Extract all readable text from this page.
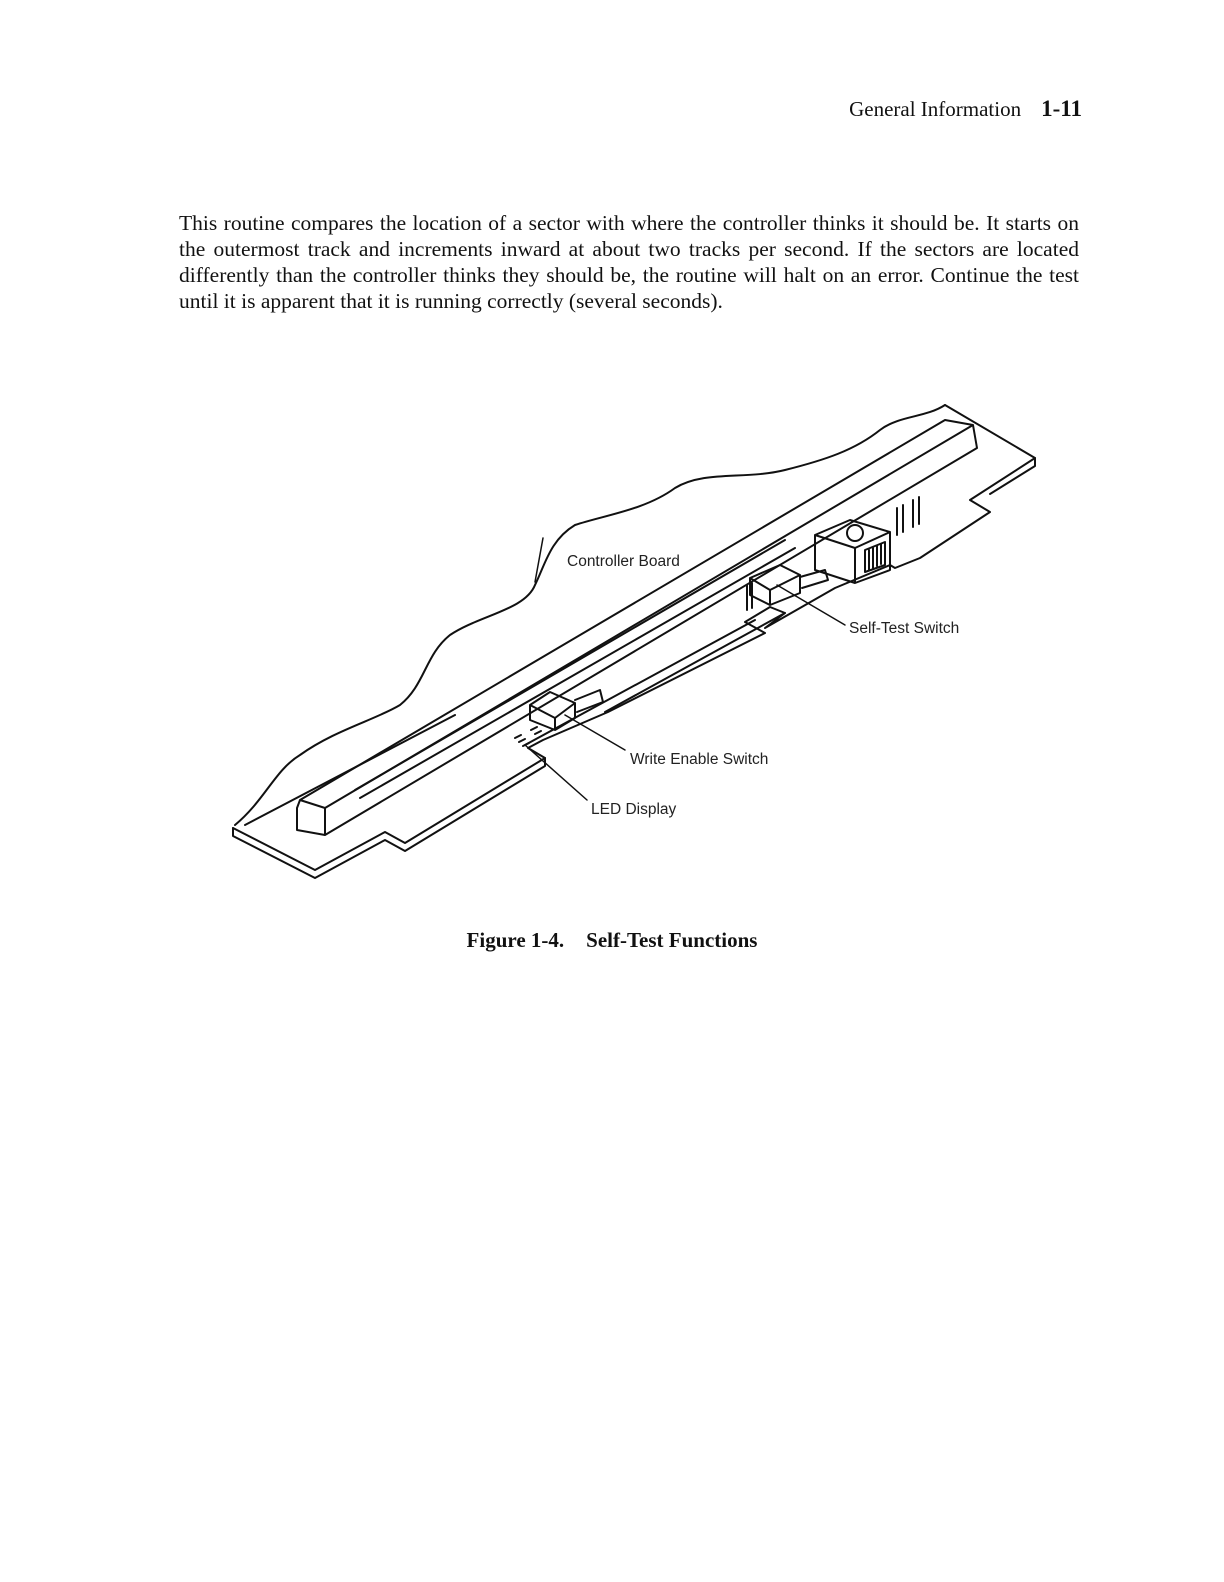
General Information 1-11

This routine compares the location of a sector with where the controller thinks it should be. It starts on the outermost track and increments inward at about two tracks per second. If the sectors are located differently than the controller thinks they should be, the routine will halt on an error. Continue the test until it is apparent that it is running correctly (several seconds).

Controller Board
Self-Test Switch
Write Enable Switch
LED Display

Figure 1-4. Self-Test Functions
